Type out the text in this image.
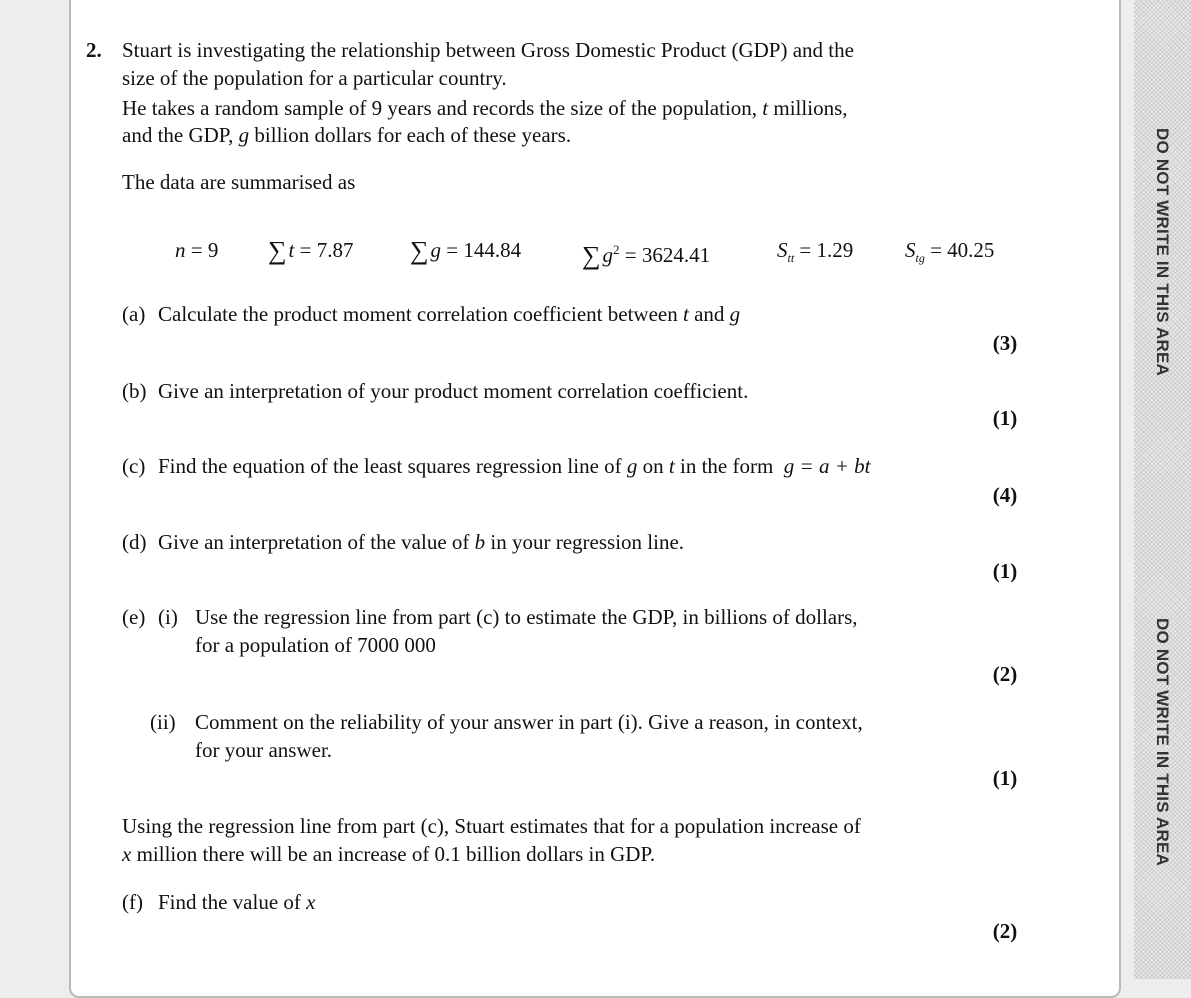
DO NOT WRITE IN THIS AREA
DO NOT WRITE IN THIS AREA
2. Stuart is investigating the relationship between Gross Domestic Product (GDP) and the
size of the population for a particular country.
He takes a random sample of 9 years and records the size of the population, t millions,
and the GDP, g billion dollars for each of these years.
The data are summarised as
n = 9 ∑t = 7.87 ∑g = 144.84 $\sum g^2 = 3624.41$	$S_{tt} = 1.29$ $S_{tg} = 40.25$
(a) Calculate the product moment correlation coefficient between t and g
(3)
(b) Give an interpretation of your product moment correlation coefficient.
(1)
(c) Find the equation of the least squares regression line of g on t in the form  g = a + bt
(4)
(d) Give an interpretation of the value of b in your regression line.
(1)
(e) (i) Use the regression line from part (c) to estimate the GDP, in billions of dollars,
for a population of 7000 000
(2)
(ii) Comment on the reliability of your answer in part (i). Give a reason, in context,
for your answer.
(1)
Using the regression line from part (c), Stuart estimates that for a population increase of
x million there will be an increase of 0.1 billion dollars in GDP.
(f) Find the value of x
(2)
